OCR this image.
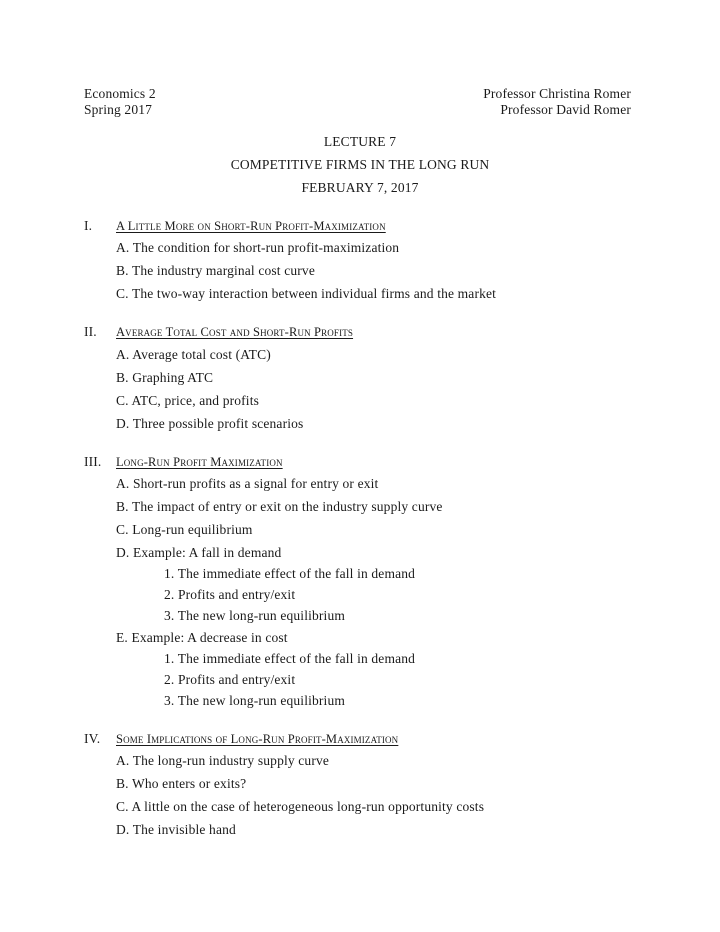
Economics 2
Spring 2017
Professor Christina Romer
Professor David Romer
LECTURE 7
COMPETITIVE FIRMS IN THE LONG RUN
FEBRUARY 7, 2017
I. A Little More on Short-Run Profit-Maximization
A. The condition for short-run profit-maximization
B. The industry marginal cost curve
C. The two-way interaction between individual firms and the market
II. Average Total Cost and Short-Run Profits
A. Average total cost (ATC)
B. Graphing ATC
C. ATC, price, and profits
D. Three possible profit scenarios
III. Long-Run Profit Maximization
A. Short-run profits as a signal for entry or exit
B. The impact of entry or exit on the industry supply curve
C. Long-run equilibrium
D. Example: A fall in demand
1. The immediate effect of the fall in demand
2. Profits and entry/exit
3. The new long-run equilibrium
E. Example: A decrease in cost
1. The immediate effect of the fall in demand
2. Profits and entry/exit
3. The new long-run equilibrium
IV. Some Implications of Long-Run Profit-Maximization
A. The long-run industry supply curve
B. Who enters or exits?
C. A little on the case of heterogeneous long-run opportunity costs
D. The invisible hand
